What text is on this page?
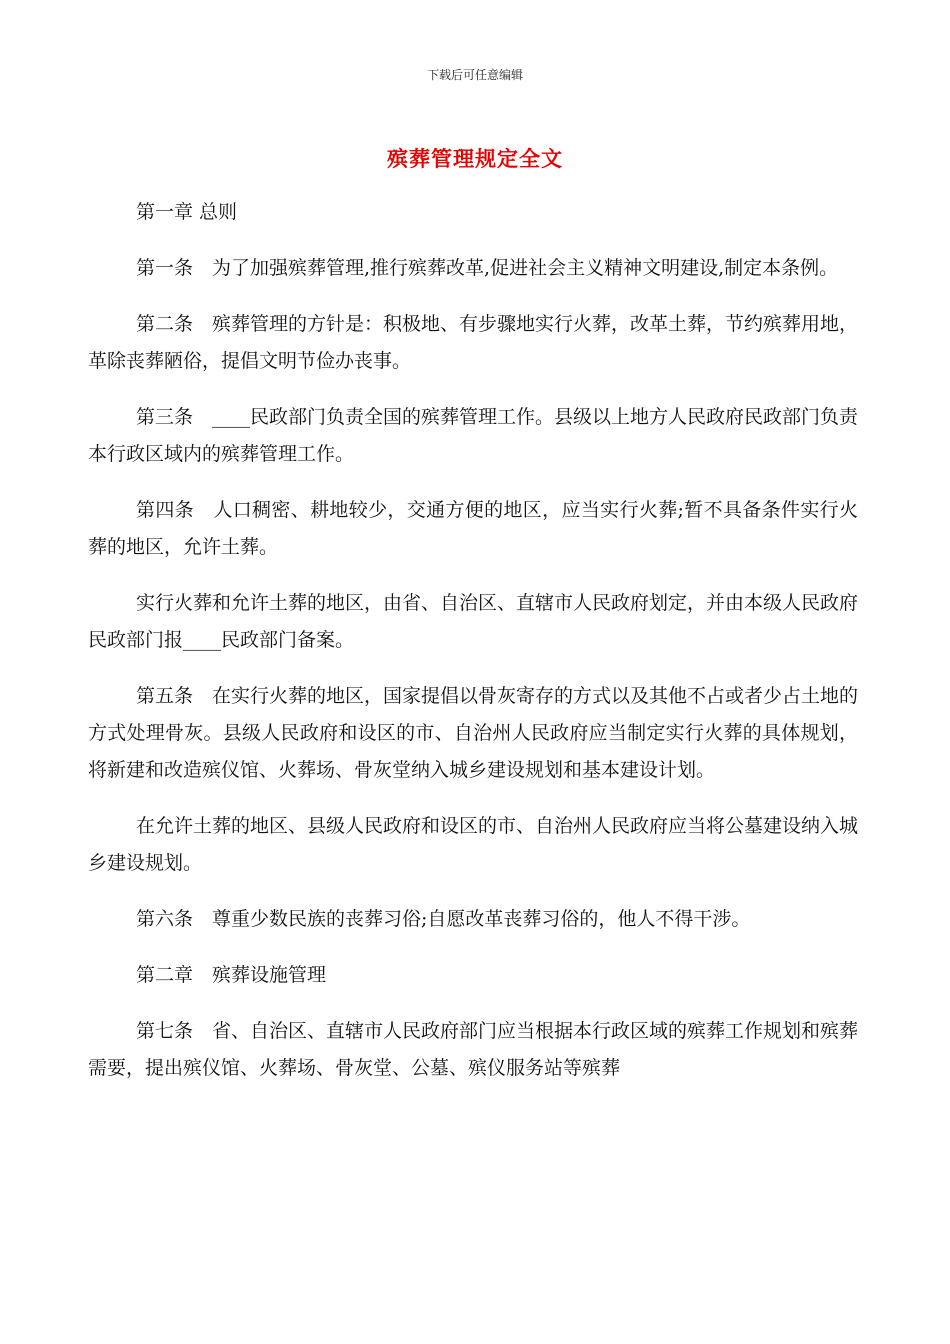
下载后可任意编辑
殡葬管理规定全文

第一章 总则

第一条　为了加强殡葬管理,推行殡葬改革,促进社会主义精神文明建设,制定本条例。

第二条　殡葬管理的方针是：积极地、有步骤地实行火葬，改革土葬，节约殡葬用地，革除丧葬陋俗，提倡文明节俭办丧事。

第三条　____民政部门负责全国的殡葬管理工作。县级以上地方人民政府民政部门负责本行政区域内的殡葬管理工作。

第四条　人口稠密、耕地较少，交通方便的地区，应当实行火葬;暂不具备条件实行火葬的地区，允许土葬。

实行火葬和允许土葬的地区，由省、自治区、直辖市人民政府划定，并由本级人民政府民政部门报____民政部门备案。

第五条　在实行火葬的地区，国家提倡以骨灰寄存的方式以及其他不占或者少占土地的方式处理骨灰。县级人民政府和设区的市、自治州人民政府应当制定实行火葬的具体规划，将新建和改造殡仪馆、火葬场、骨灰堂纳入城乡建设规划和基本建设计划。

在允许土葬的地区、县级人民政府和设区的市、自治州人民政府应当将公墓建设纳入城乡建设规划。

第六条　尊重少数民族的丧葬习俗;自愿改革丧葬习俗的，他人不得干涉。

第二章　殡葬设施管理

第七条　省、自治区、直辖市人民政府部门应当根据本行政区域的殡葬工作规划和殡葬需要，提出殡仪馆、火葬场、骨灰堂、公墓、殡仪服务站等殡葬
